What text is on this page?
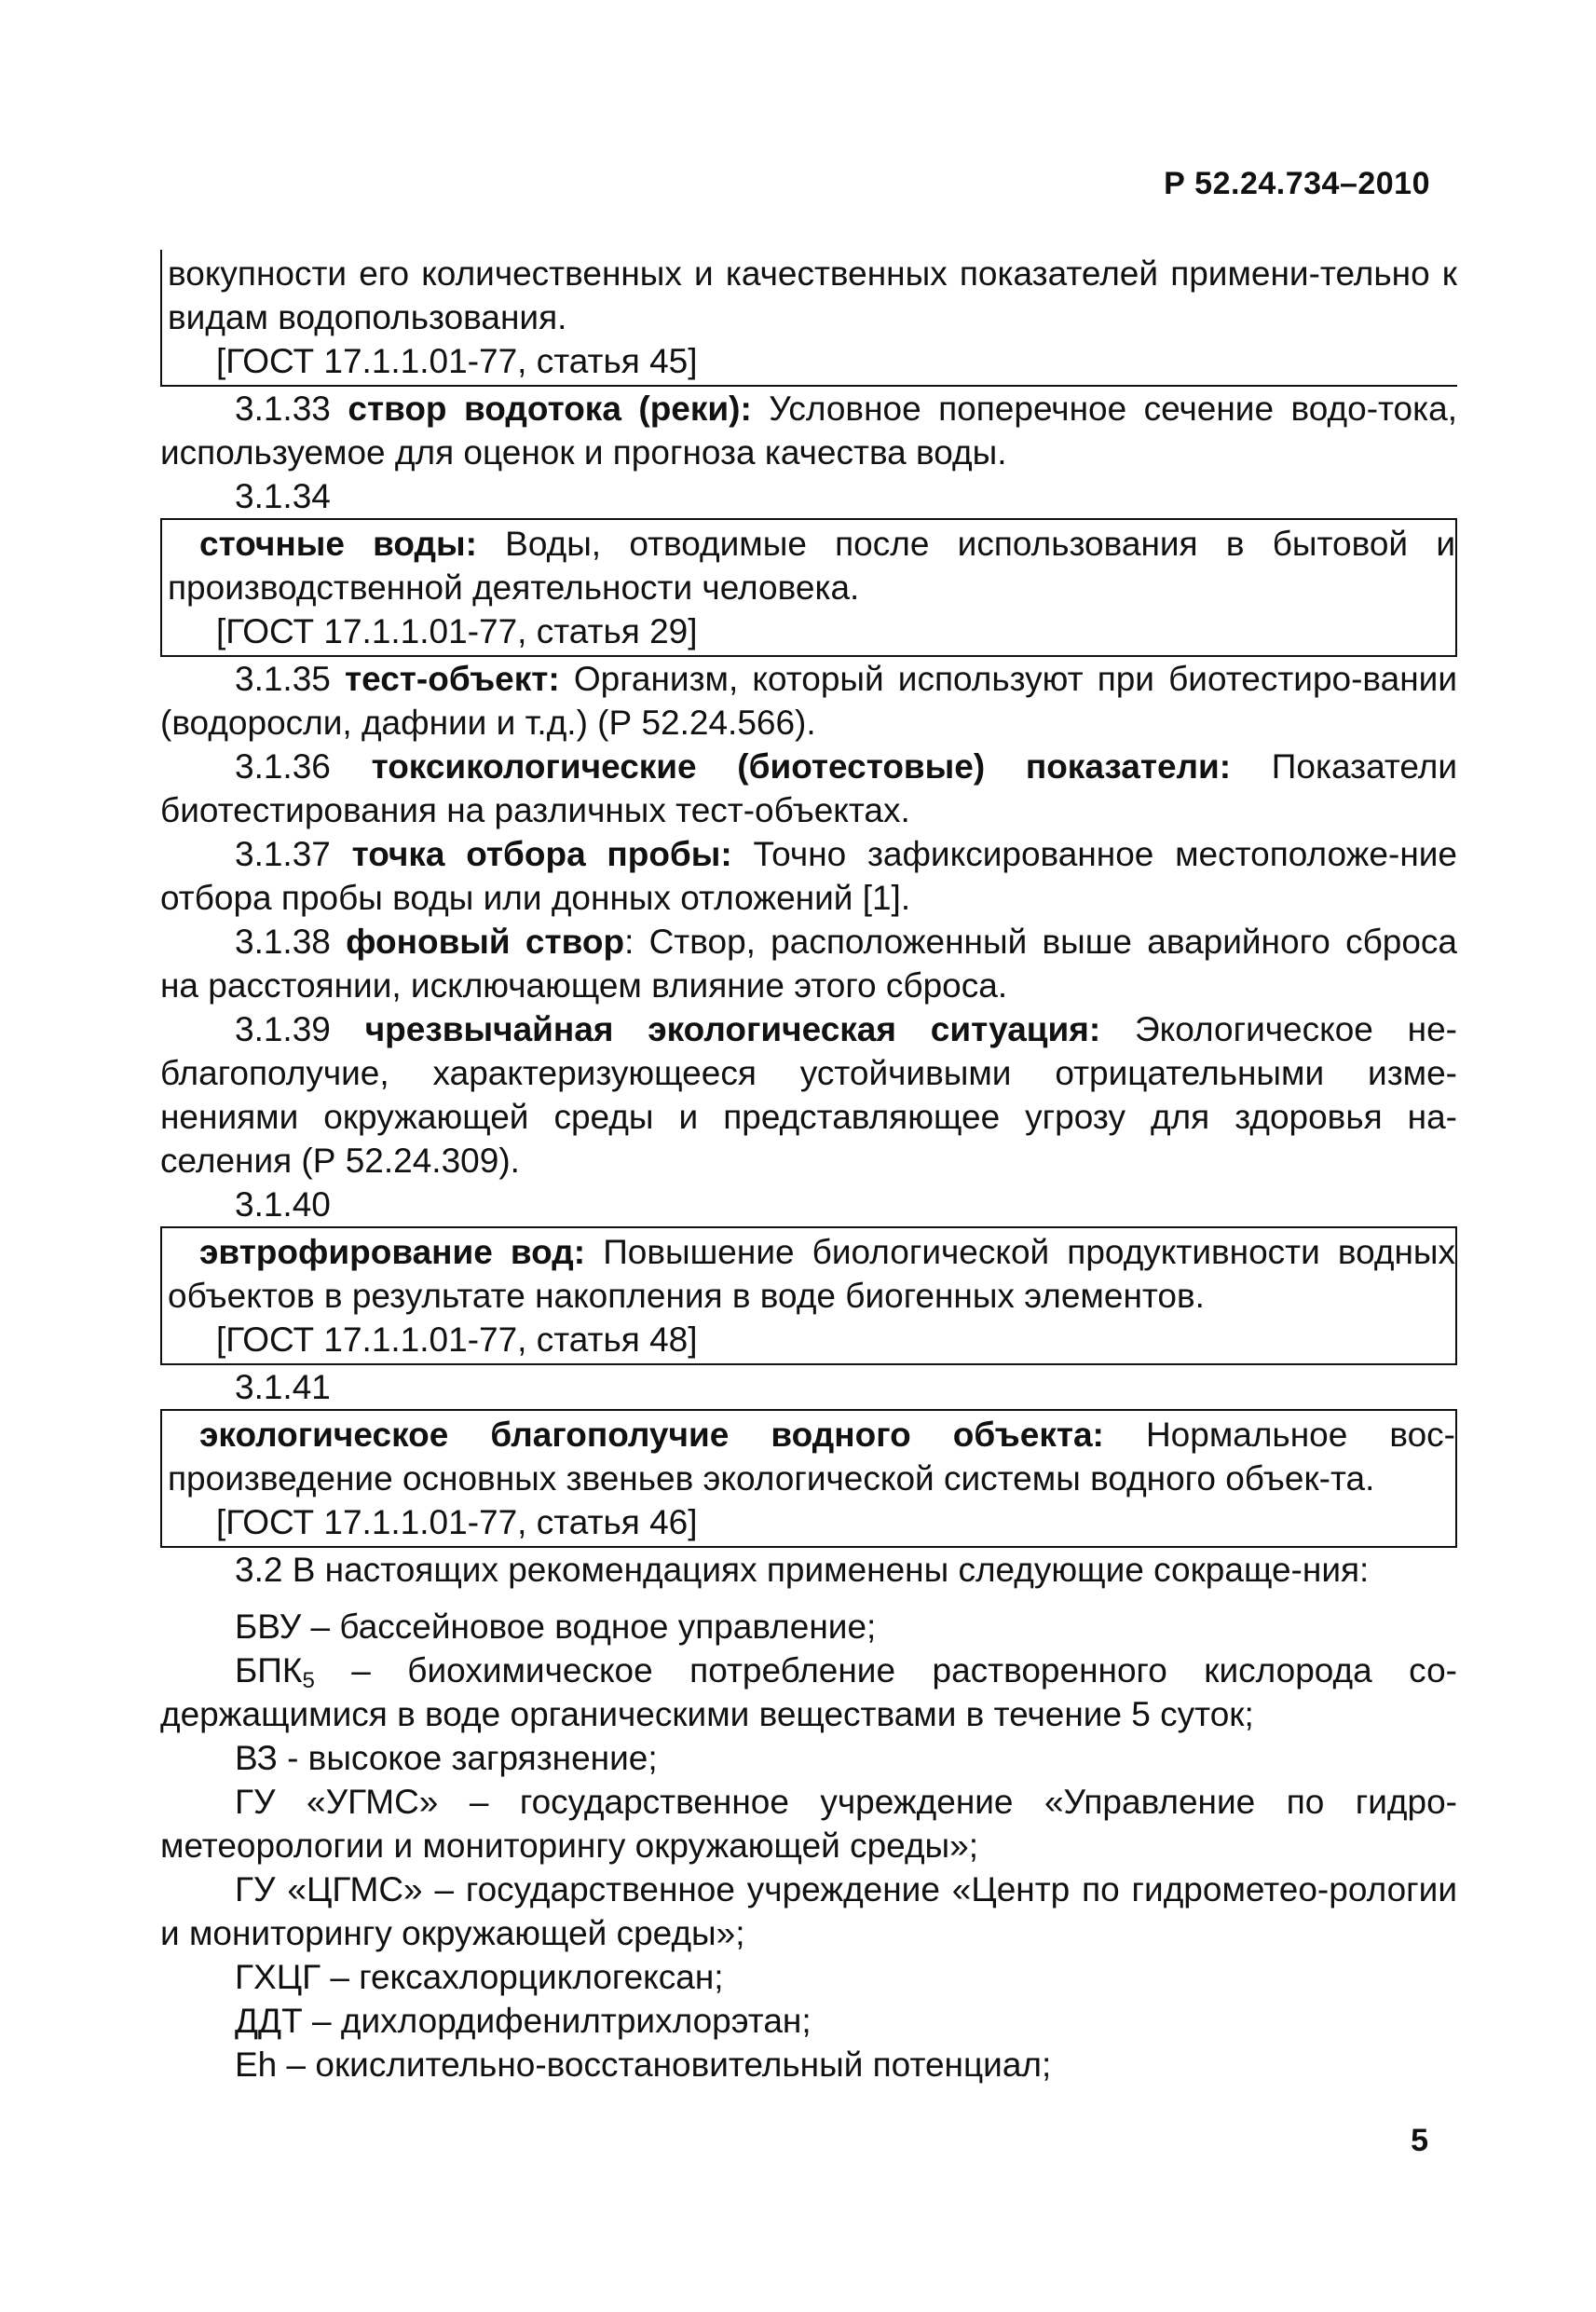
Р 52.24.734–2010

вокупности его количественных и качественных показателей примени-тельно к видам водопользования.

[ГОСТ 17.1.1.01-77, статья 45]

3.1.33 створ водотока (реки): Условное поперечное сечение водо-тока, используемое для оценок и прогноза качества воды.

3.1.34

сточные воды: Воды, отводимые после использования в бытовой и производственной деятельности человека.

[ГОСТ 17.1.1.01-77, статья 29]

3.1.35 тест-объект: Организм, который используют при биотестиро-вании (водоросли, дафнии и т.д.) (Р 52.24.566).

3.1.36 токсикологические (биотестовые) показатели: Показатели биотестирования на различных тест-объектах.

3.1.37 точка отбора пробы: Точно зафиксированное местоположе-ние отбора пробы воды или донных отложений [1].

3.1.38 фоновый створ: Створ, расположенный выше аварийного сброса на расстоянии, исключающем влияние этого сброса.

3.1.39 чрезвычайная экологическая ситуация: Экологическое не-благополучие, характеризующееся устойчивыми отрицательными изме-нениями окружающей среды и представляющее угрозу для здоровья на-селения (Р 52.24.309).

3.1.40

эвтрофирование вод: Повышение биологической продуктивности водных объектов в результате накопления в воде биогенных элементов.

[ГОСТ 17.1.1.01-77, статья 48]

3.1.41

экологическое благополучие водного объекта: Нормальное вос-произведение основных звеньев экологической системы водного объек-та.

[ГОСТ 17.1.1.01-77, статья 46]

3.2 В настоящих рекомендациях применены следующие сокраще-ния:

БВУ – бассейновое водное управление;

$БПК_5$ – биохимическое потребление растворенного кислорода со-держащимися в воде органическими веществами в течение 5 суток;

ВЗ - высокое загрязнение;

ГУ «УГМС» – государственное учреждение «Управление по гидро-метеорологии и мониторингу окружающей среды»;

ГУ «ЦГМС» – государственное учреждение «Центр по гидрометео-рологии и мониторингу окружающей среды»;

ГХЦГ – гексахлорциклогексан;

ДДТ – дихлордифенилтрихлорэтан;

Eh – окислительно-восстановительный потенциал;

5
